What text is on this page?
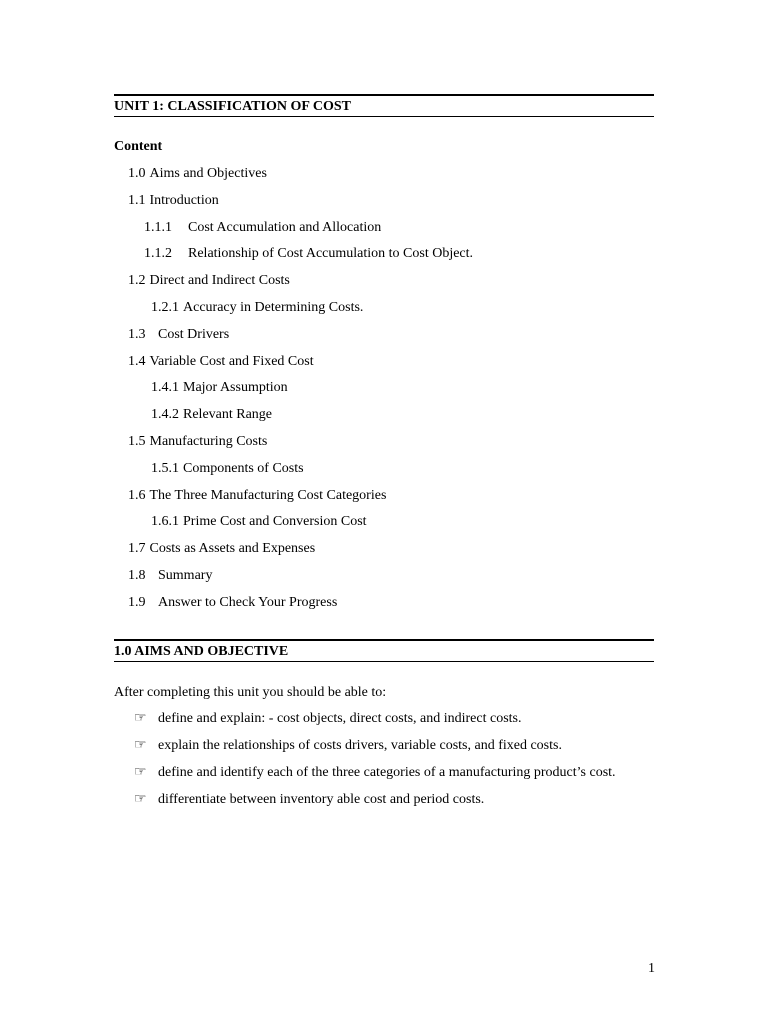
UNIT 1: CLASSIFICATION OF COST
Content
1.0 Aims and Objectives
1.1 Introduction
1.1.1 Cost Accumulation and Allocation
1.1.2 Relationship of Cost Accumulation to Cost Object.
1.2 Direct and Indirect Costs
1.2.1 Accuracy in Determining Costs.
1.3 Cost Drivers
1.4 Variable Cost and Fixed Cost
1.4.1 Major Assumption
1.4.2 Relevant Range
1.5 Manufacturing Costs
1.5.1 Components of Costs
1.6 The Three Manufacturing Cost Categories
1.6.1 Prime Cost and Conversion Cost
1.7 Costs as Assets and Expenses
1.8 Summary
1.9 Answer to Check Your Progress
1.0 AIMS AND OBJECTIVE
After completing this unit you should be able to:
☞ define and explain: - cost objects, direct costs, and indirect costs.
☞ explain the relationships of costs drivers, variable costs, and fixed costs.
☞ define and identify each of the three categories of a manufacturing product’s cost.
☞ differentiate between inventory able cost and period costs.
1
